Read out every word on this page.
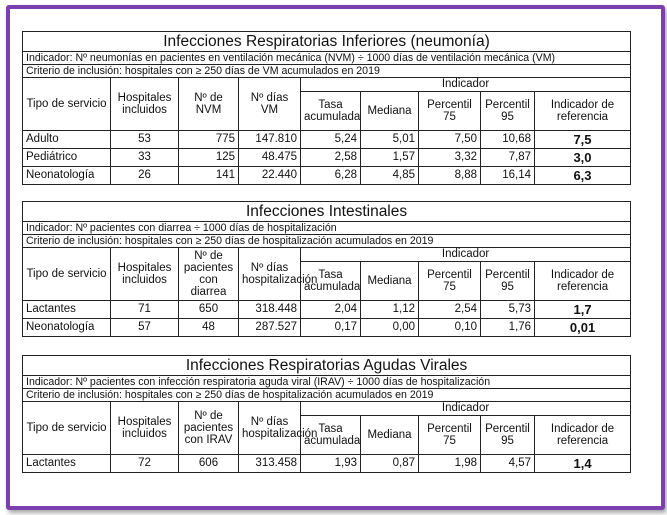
Infecciones Respiratorias Inferiores (neumonía)								
Indicador: Nº neumonías en pacientes en ventilación mecánica (NVM) ÷ 1000 días de ventilación mecánica (VM)								
Criterio de inclusión: hospitales con ≥ 250 días de VM acumulados en 2019								
Tipo de servicio	Hospitales incluidos	Nº de NVM	Nº días VM	Indicador				
				Tasa acumulada	Mediana	Percentil 75	Percentil 95	Indicador de referencia
Adulto	53	775	147.810	5,24	5,01	7,50	10,68	7,5
Pediátrico	33	125	48.475	2,58	1,57	3,32	7,87	3,0
Neonatología	26	141	22.440	6,28	4,85	8,88	16,14	6,3
Infecciones Intestinales								
Indicador: Nº pacientes con diarrea ÷ 1000 días de hospitalización								
Criterio de inclusión: hospitales con ≥ 250 días de hospitalización acumulados en 2019								
Tipo de servicio	Hospitales incluidos	Nº de pacientes con diarrea	Nº días hospitalización	Indicador				
				Tasa acumulada	Mediana	Percentil 75	Percentil 95	Indicador de referencia
Lactantes	71	650	318.448	2,04	1,12	2,54	5,73	1,7
Neonatología	57	48	287.527	0,17	0,00	0,10	1,76	0,01
Infecciones Respiratorias Agudas Virales								
Indicador: Nº pacientes con infección respiratoria aguda viral (IRAV) ÷ 1000 días de hospitalización								
Criterio de inclusión: hospitales con ≥ 250 días de hospitalización acumulados en 2019								
Tipo de servicio	Hospitales incluidos	Nº de pacientes con IRAV	Nº días hospitalización	Indicador				
				Tasa acumulada	Mediana	Percentil 75	Percentil 95	Indicador de referencia
Lactantes	72	606	313.458	1,93	0,87	1,98	4,57	1,4
